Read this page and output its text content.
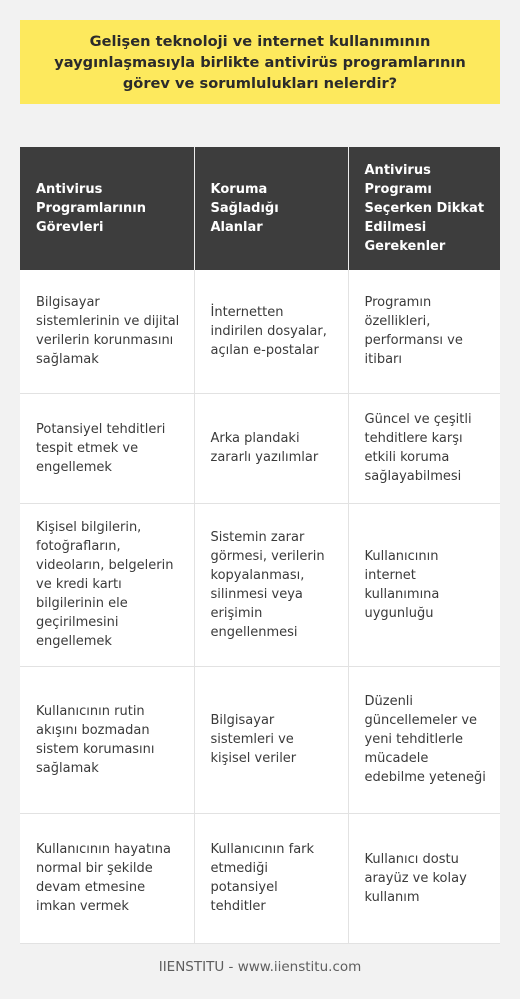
Gelişen teknoloji ve internet kullanımının yaygınlaşmasıyla birlikte antivirüs programlarının görev ve sorumlulukları nelerdir?
Antivirus Programlarının Görevleri	Koruma Sağladığı Alanlar	Antivirus Programı Seçerken Dikkat Edilmesi Gerekenler
Bilgisayar sistemlerinin ve dijital verilerin korunmasını sağlamak	İnternetten indirilen dosyalar, açılan e-postalar	Programın özellikleri, performansı ve itibarı
Potansiyel tehditleri tespit etmek ve engellemek	Arka plandaki zararlı yazılımlar	Güncel ve çeşitli tehditlere karşı etkili koruma sağlayabilmesi
Kişisel bilgilerin, fotoğrafların, videoların, belgelerin ve kredi kartı bilgilerinin ele geçirilmesini engellemek	Sistemin zarar görmesi, verilerin kopyalanması, silinmesi veya erişimin engellenmesi	Kullanıcının internet kullanımına uygunluğu
Kullanıcının rutin akışını bozmadan sistem korumasını sağlamak	Bilgisayar sistemleri ve kişisel veriler	Düzenli güncellemeler ve yeni tehditlerle mücadele edebilme yeteneği
Kullanıcının hayatına normal bir şekilde devam etmesine imkan vermek	Kullanıcının fark etmediği potansiyel tehditler	Kullanıcı dostu arayüz ve kolay kullanım
IIENSTITU - www.iienstitu.com
